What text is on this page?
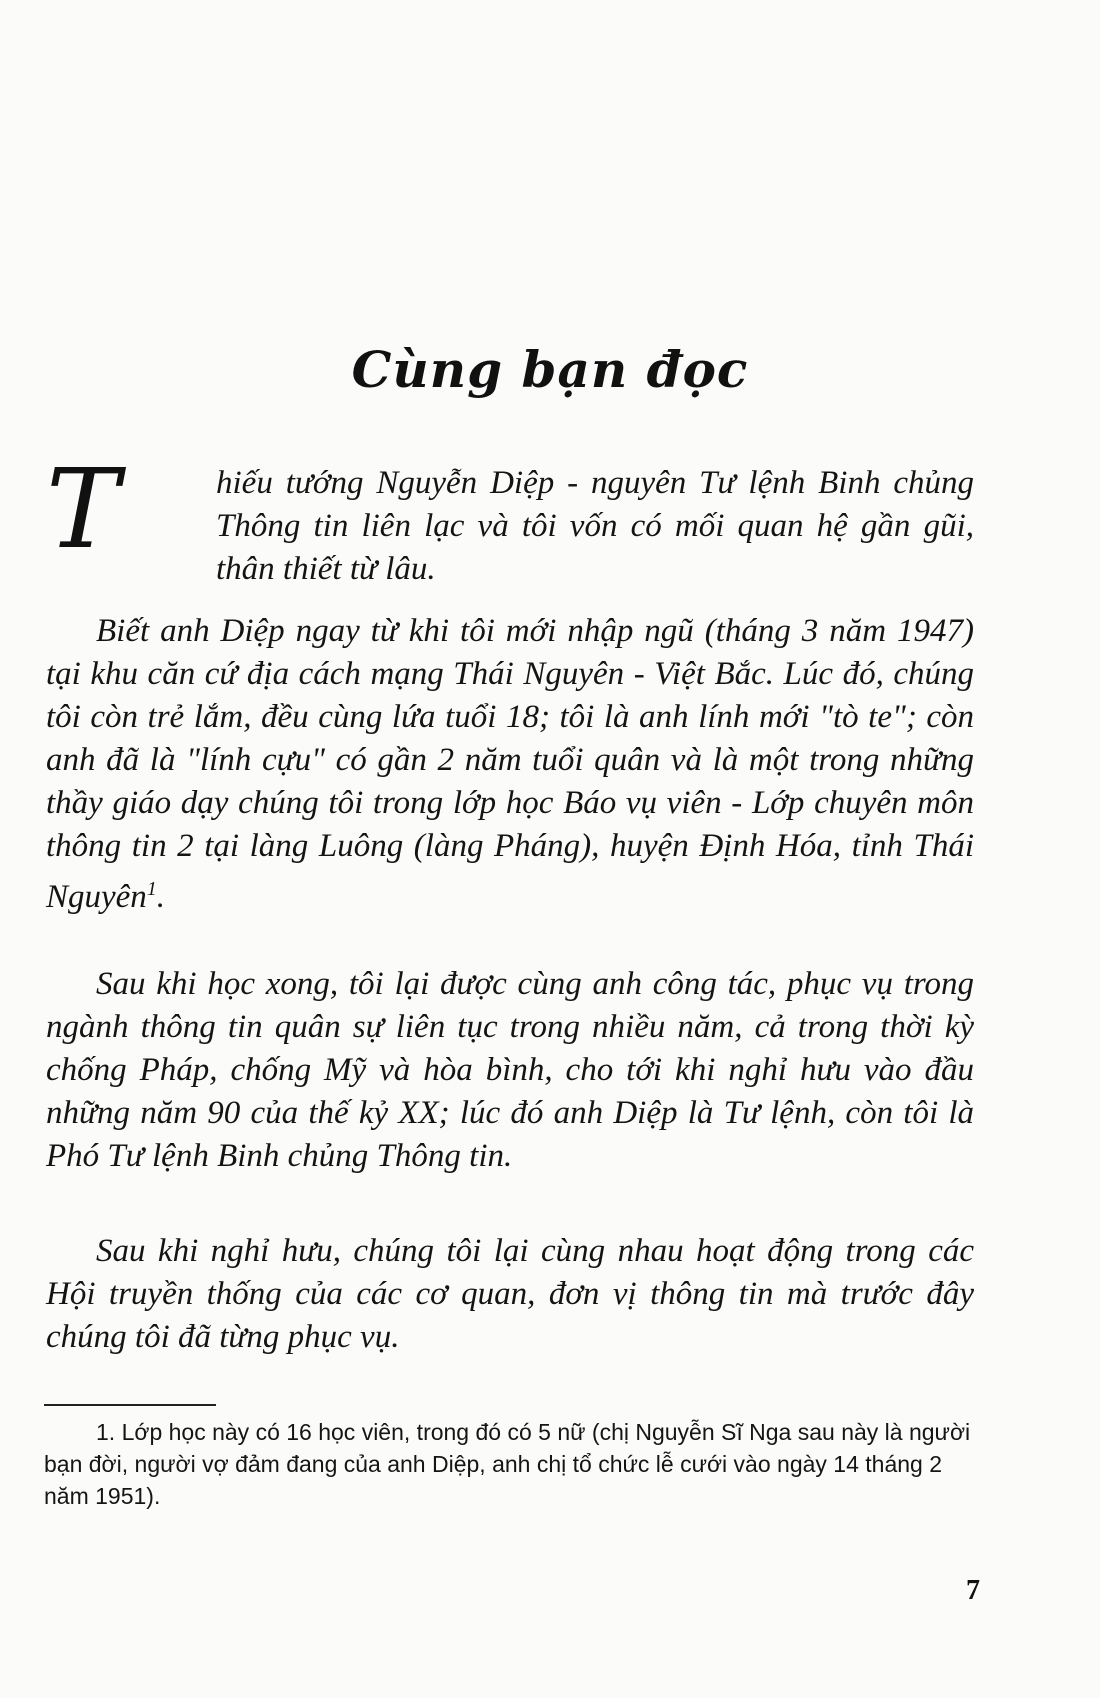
Cùng bạn đọc
T	hiếu tướng Nguyễn Diệp - nguyên Tư lệnh Binh chủng Thông tin liên lạc và tôi vốn có mối quan hệ gần gũi, thân thiết từ lâu.

Biết anh Diệp ngay từ khi tôi mới nhập ngũ (tháng 3 năm 1947) tại khu căn cứ địa cách mạng Thái Nguyên - Việt Bắc. Lúc đó, chúng tôi còn trẻ lắm, đều cùng lứa tuổi 18; tôi là anh lính mới "tò te"; còn anh đã là "lính cựu" có gần 2 năm tuổi quân và là một trong những thầy giáo dạy chúng tôi trong lớp học Báo vụ viên - Lớp chuyên môn thông tin 2 tại làng Luông (làng Pháng), huyện Định Hóa, tỉnh Thái Nguyên$^1$.

Sau khi học xong, tôi lại được cùng anh công tác, phục vụ trong ngành thông tin quân sự liên tục trong nhiều năm, cả trong thời kỳ chống Pháp, chống Mỹ và hòa bình, cho tới khi nghỉ hưu vào đầu những năm 90 của thế kỷ XX; lúc đó anh Diệp là Tư lệnh, còn tôi là Phó Tư lệnh Binh chủng Thông tin.

Sau khi nghỉ hưu, chúng tôi lại cùng nhau hoạt động trong các Hội truyền thống của các cơ quan, đơn vị thông tin mà trước đây chúng tôi đã từng phục vụ.

1. Lớp học này có 16 học viên, trong đó có 5 nữ (chị Nguyễn Sĩ Nga sau này là người bạn đời, người vợ đảm đang của anh Diệp, anh chị tổ chức lễ cưới vào ngày 14 tháng 2 năm 1951).
7
